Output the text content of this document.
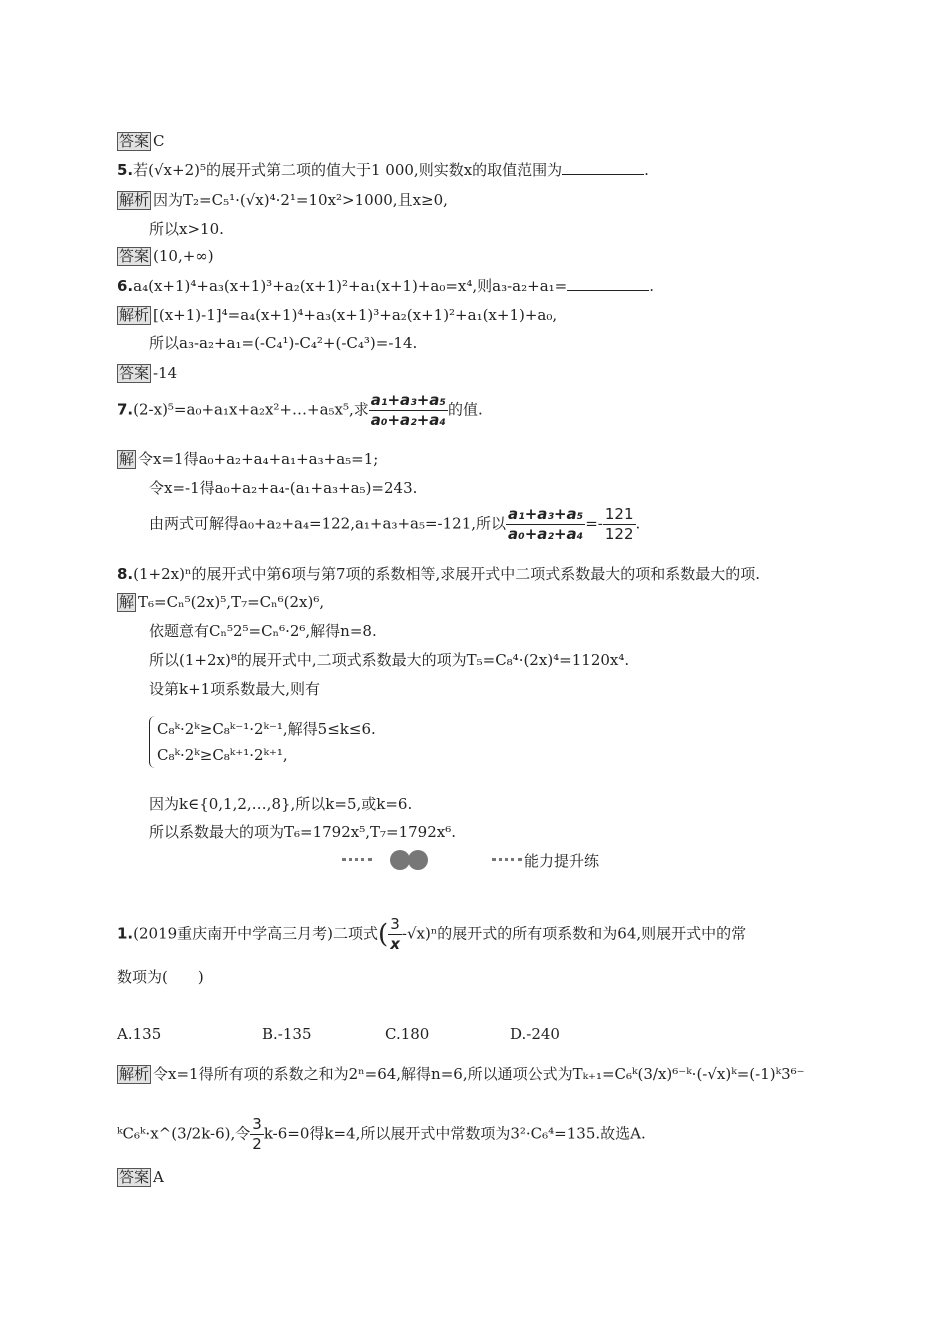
答案 C
5.若(√x+2)⁵的展开式第二项的值大于1 000,则实数x的取值范围为	.
解析 因为T₂=C₅¹·(√x)⁴·2¹=10x²>1000,且x≥0,
所以x>10.
答案 (10,+∞)
6.a₄(x+1)⁴+a₃(x+1)³+a₂(x+1)²+a₁(x+1)+a₀=x⁴,则a₃-a₂+a₁=	.
解析 [(x+1)-1]⁴=a₄(x+1)⁴+a₃(x+1)³+a₂(x+1)²+a₁(x+1)+a₀,
所以a₃-a₂+a₁=(-C₄¹)-C₄²+(-C₄³)=-14.
答案 -14
7.(2-x)⁵=a₀+a₁x+a₂x²+…+a₅x⁵,求 $\frac{\text{a₁+a₃+a₅}}{\text{a₀+a₂+a₄}}$ 的值.
解 令x=1得a₀+a₂+a₄+a₁+a₃+a₅=1;
令x=-1得a₀+a₂+a₄-(a₁+a₃+a₅)=243.
由两式可解得a₀+a₂+a₄=122,a₁+a₃+a₅=-121,所以 $\frac{\text{a₁+a₃+a₅}}{\text{a₀+a₂+a₄}} =- \frac{121}{122}$ .
8.(1+2x)ⁿ的展开式中第6项与第7项的系数相等,求展开式中二项式系数最大的项和系数最大的项.
解 T₆=Cₙ⁵(2x)⁵,T₇=Cₙ⁶(2x)⁶,
依题意有Cₙ⁵2⁵=Cₙ⁶·2⁶,解得n=8.
所以(1+2x)⁸的展开式中,二项式系数最大的项为T₅=C₈⁴·(2x)⁴=1120x⁴.
设第k+1项系数最大,则有
C₈ᵏ·2ᵏ≥C₈ᵏ⁻¹·2ᵏ⁻¹,解得5≤k≤6.
C₈ᵏ·2ᵏ≥C₈ᵏ⁺¹·2ᵏ⁺¹,
因为k∈{0,1,2,…,8},所以k=5,或k=6.
所以系数最大的项为T₆=1792x⁵,T₇=1792x⁶.
能力提升练
1.(2019重庆南开中学高三月考)二项式( $\frac{3}{x} -√x)^n$的展开式的所有项系数和为64,则展开式中的常
数项为(　　)
A.135	B.-135	C.180	D.-240
解析 令x=1得所有项的系数之和为2ⁿ=64,解得n=6,所以通项公式为Tₖ₊₁=C₆ᵏ(3/x)⁶⁻ᵏ·(-√x)ᵏ=(-1)ᵏ3⁶⁻
ᵏC₆ᵏ·x^(3/2k-6),令 $\frac{3}{2} k-6=0$得k=4,所以展开式中常数项为3²·C₆⁴=135.故选A.
答案 A
